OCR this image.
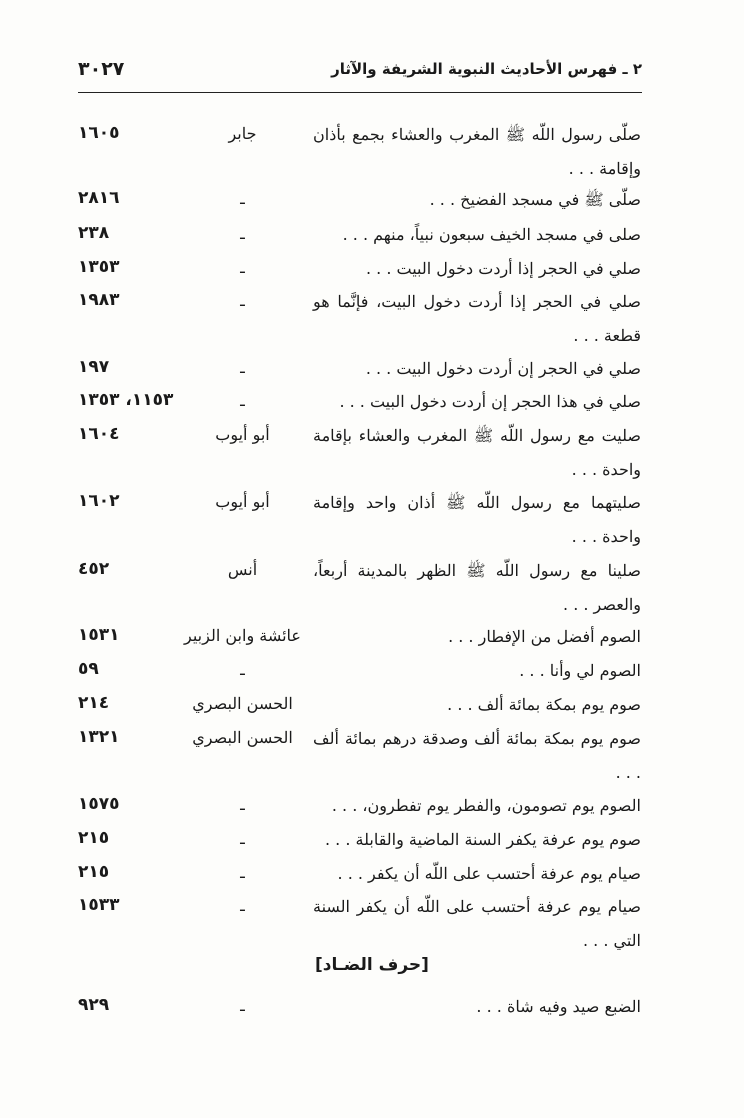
٣٠٢٧	٢ ـ فهرس الأحاديث النبوية الشريفة والآثار
صلّى رسول اللّه ﷺ المغرب والعشاء بجمع بأذان وإقامة . . .
جابر
١٦٠٥
صلّى ﷺ في مسجد الفضيخ . . .
ـ
٢٨١٦
صلى في مسجد الخيف سبعون نبياً، منهم . . .
ـ
٢٣٨
صلي في الحجر إذا أردت دخول البيت . . .
ـ
١٣٥٣
صلي في الحجر إذا أردت دخول البيت، فإنَّما هو قطعة . . .
ـ
١٩٨٣
صلي في الحجر إن أردت دخول البيت . . .
ـ
١٩٧
صلي في هذا الحجر إن أردت دخول البيت . . .
ـ
١١٥٣، ١٣٥٣
صليت مع رسول اللّه ﷺ المغرب والعشاء بإقامة واحدة . . .
أبو أيوب
١٦٠٤
صليتهما مع رسول اللّه ﷺ أذان واحد وإقامة واحدة . . .
أبو أيوب
١٦٠٢
صلينا مع رسول اللّه ﷺ الظهر بالمدينة أربعاً، والعصر . . .
أنس
٤٥٢
الصوم أفضل من الإفطار . . .
عائشة وابن الزبير
١٥٣١
الصوم لي وأنا . . .
ـ
٥٩
صوم يوم بمكة بمائة ألف . . .
الحسن البصري
٢١٤
صوم يوم بمكة بمائة ألف وصدقة درهم بمائة ألف . . .
الحسن البصري
١٣٢١
الصوم يوم تصومون، والفطر يوم تفطرون، . . .
ـ
١٥٧٥
صوم يوم عرفة يكفر السنة الماضية والقابلة . . .
ـ
٢١٥
صيام يوم عرفة أحتسب على اللّه أن يكفر . . .
ـ
٢١٥
صيام يوم عرفة أحتسب على اللّه أن يكفر السنة التي . . .
ـ
١٥٣٣
[حرف الضـاد]
الضبع صيد وفيه شاة . . .
ـ
٩٢٩
